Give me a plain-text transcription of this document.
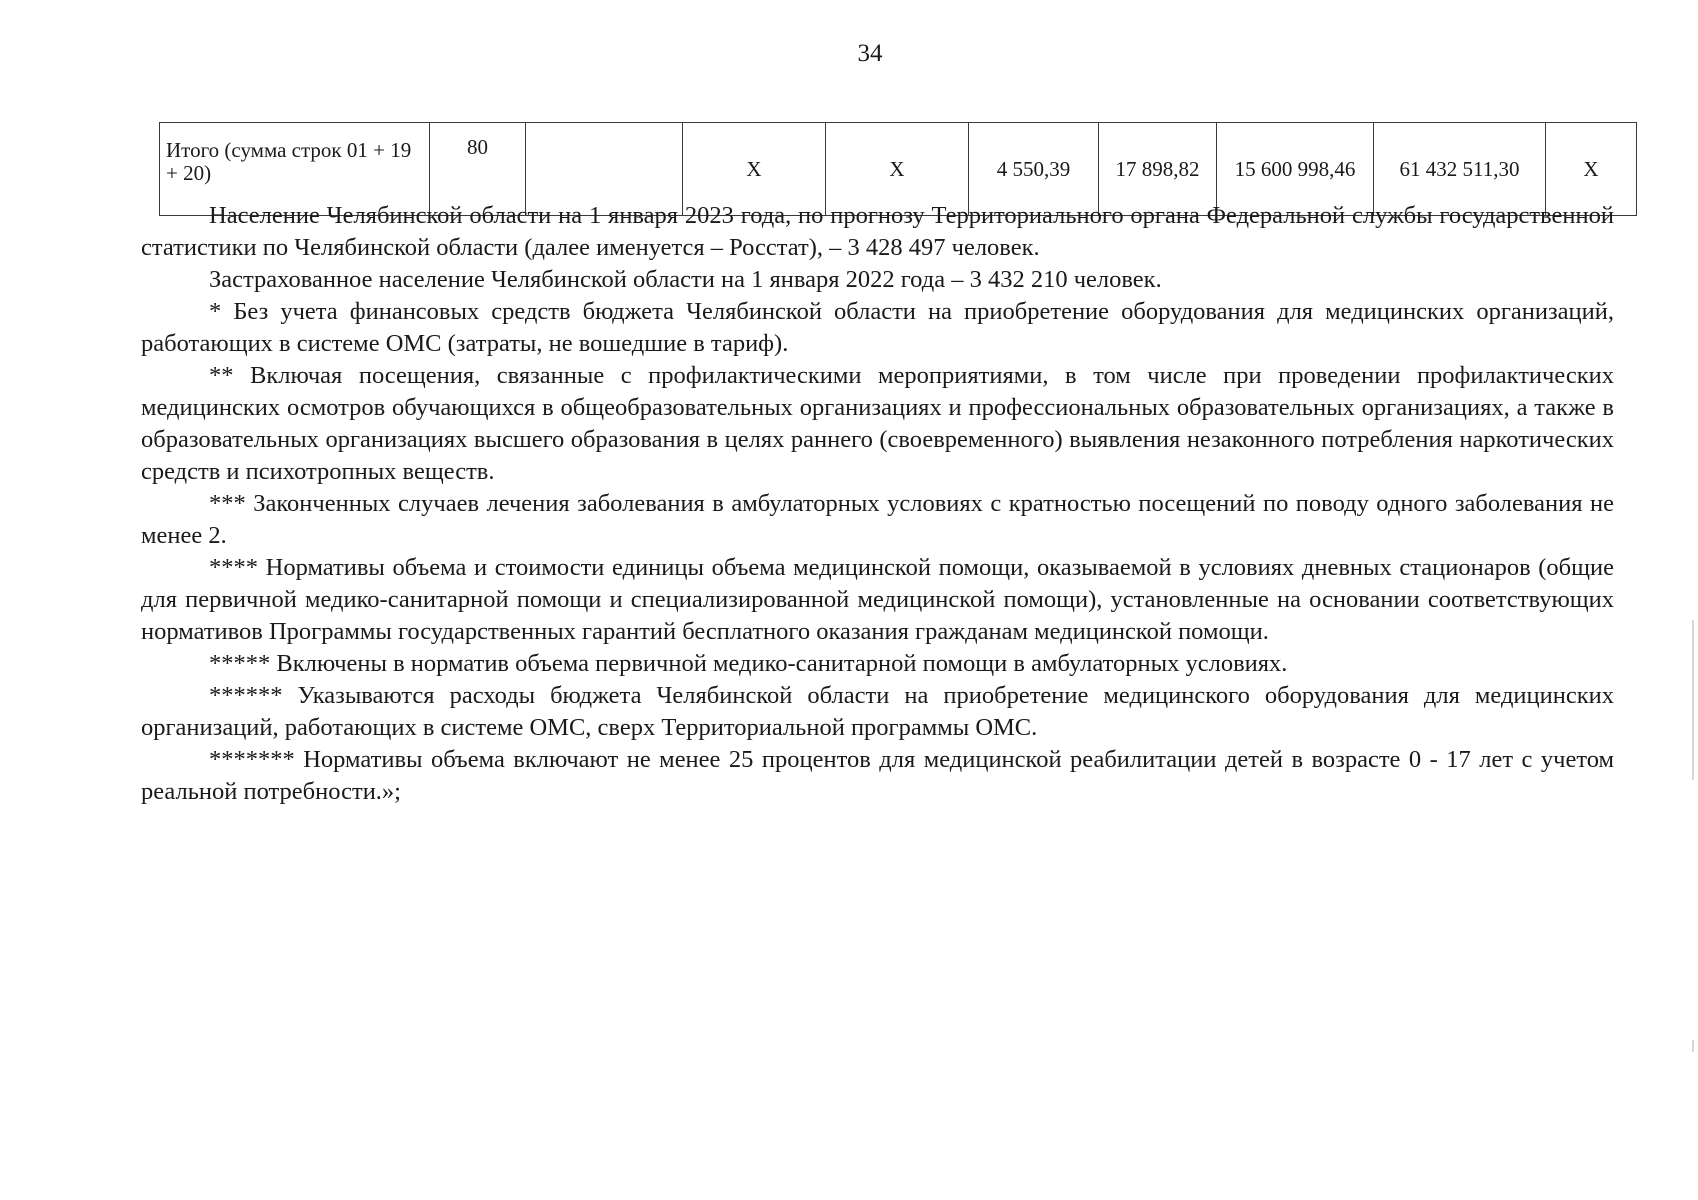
34
Итого (сумма строк 01 + 19 + 20)	80		Х	Х	4 550,39	17 898,82	15 600 998,46	61 432 511,30	Х

Население Челябинской области на 1 января 2023 года, по прогнозу Территориального органа Федеральной службы государственной статистики по Челябинской области (далее именуется – Росстат), – 3 428 497 человек.

Застрахованное население Челябинской области на 1 января 2022 года – 3 432 210 человек.

* Без учета финансовых средств бюджета Челябинской области на приобретение оборудования для медицинских организаций, работающих в системе ОМС (затраты, не вошедшие в тариф).

** Включая посещения, связанные с профилактическими мероприятиями, в том числе при проведении профилактических медицинских осмотров обучающихся в общеобразовательных организациях и профессиональных образовательных организациях, а также в образовательных организациях высшего образования в целях раннего (своевременного) выявления незаконного потребления наркотических средств и психотропных веществ.

*** Законченных случаев лечения заболевания в амбулаторных условиях с кратностью посещений по поводу одного заболевания не менее 2.

**** Нормативы объема и стоимости единицы объема медицинской помощи, оказываемой в условиях дневных стационаров (общие для первичной медико-санитарной помощи и специализированной медицинской помощи), установленные на основании соответствующих нормативов Программы государственных гарантий бесплатного оказания гражданам медицинской помощи.

***** Включены в норматив объема первичной медико-санитарной помощи в амбулаторных условиях.

****** Указываются расходы бюджета Челябинской области на приобретение медицинского оборудования для медицинских организаций, работающих в системе ОМС, сверх Территориальной программы ОМС.

******* Нормативы объема включают не менее 25 процентов для медицинской реабилитации детей в возрасте 0 - 17 лет с учетом реальной потребности.»;
